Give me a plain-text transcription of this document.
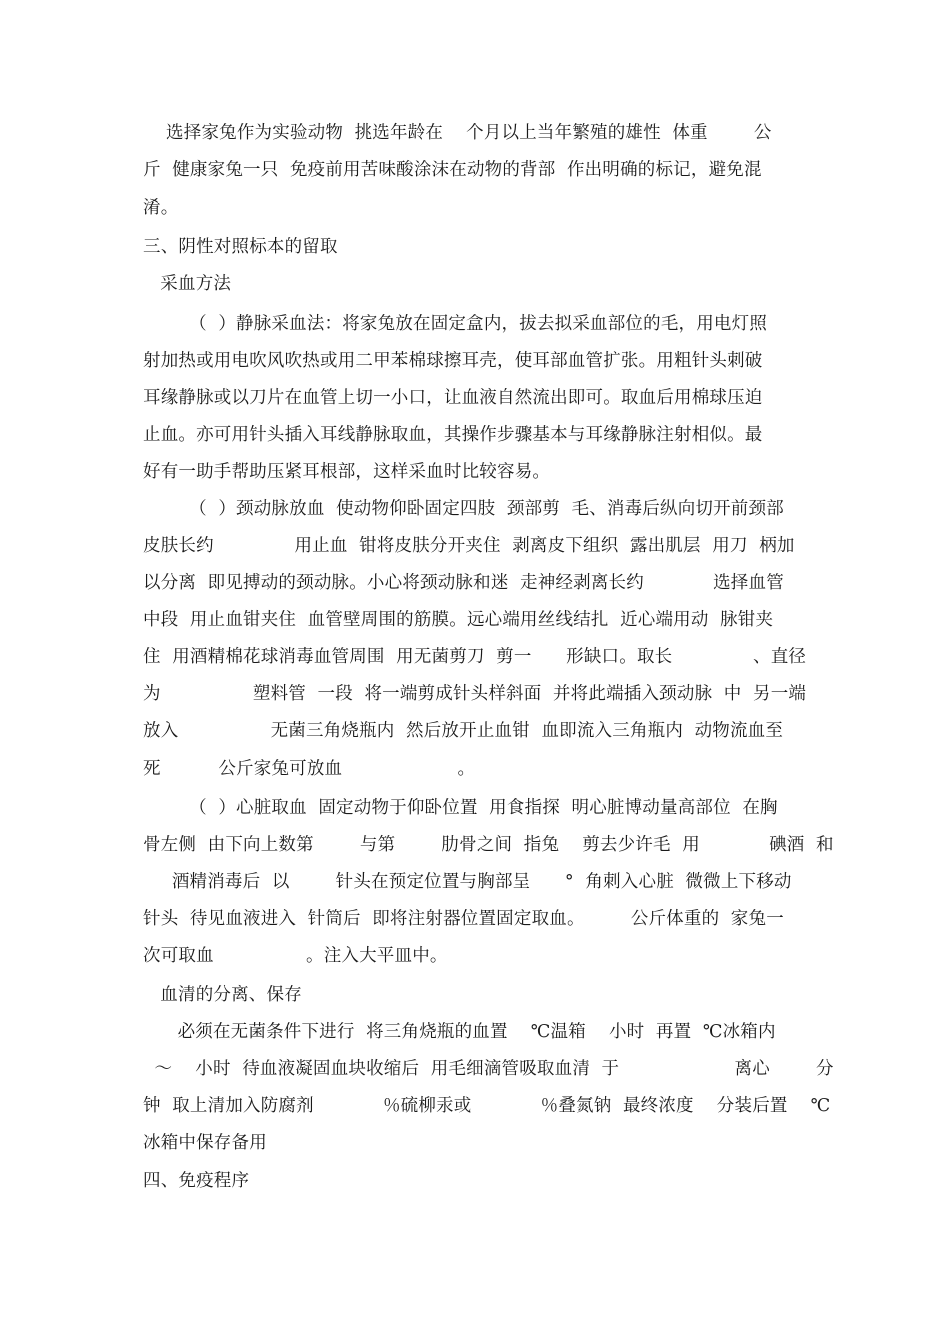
选择家兔作为实验动物  挑选年龄在    个月以上当年繁殖的雄性  体重        公
斤  健康家兔一只  免疫前用苦味酸涂沫在动物的背部  作出明确的标记，避免混
淆。
三、阴性对照标本的留取
采血方法
（  ）静脉采血法：将家兔放在固定盒内，拔去拟采血部位的毛，用电灯照
射加热或用电吹风吹热或用二甲苯棉球擦耳壳，使耳部血管扩张。用粗针头刺破
耳缘静脉或以刀片在血管上切一小口，让血液自然流出即可。取血后用棉球压迫
止血。亦可用针头插入耳线静脉取血，其操作步骤基本与耳缘静脉注射相似。最
好有一助手帮助压紧耳根部，这样采血时比较容易。
（  ）颈动脉放血  使动物仰卧固定四肢  颈部剪  毛、消毒后纵向切开前颈部
皮肤长约              用止血  钳将皮肤分开夹住  剥离皮下组织  露出肌层  用刀  柄加
以分离  即见搏动的颈动脉。小心将颈动脉和迷  走神经剥离长约            选择血管
中段  用止血钳夹住  血管壁周围的筋膜。远心端用丝线结扎  近心端用动  脉钳夹
住  用酒精棉花球消毒血管周围  用无菌剪刀  剪一      形缺口。取长              、直径
为                塑料管  一段  将一端剪成针头样斜面  并将此端插入颈动脉  中  另一端
放入                无菌三角烧瓶内  然后放开止血钳  血即流入三角瓶内  动物流血至
死          公斤家兔可放血                    。
（  ）心脏取血  固定动物于仰卧位置  用食指探  明心脏博动量高部位  在胸
骨左侧  由下向上数第        与第        肋骨之间  指兔    剪去少许毛  用            碘酒  和
酒精消毒后  以        针头在预定位置与胸部呈      °  角刺入心脏  微微上下移动
针头  待见血液进入  针筒后  即将注射器位置固定取血。        公斤体重的  家兔一
次可取血                。注入大平皿中。
血清的分离、保存
必须在无菌条件下进行  将三角烧瓶的血置    ℃温箱    小时  再置  ℃冰箱内
～    小时  待血液凝固血块收缩后  用毛细滴管吸取血清  于                    离心        分
钟  取上清加入防腐剂            ％硫柳汞或            ％叠氮钠  最终浓度    分装后置    ℃
冰箱中保存备用
四、免疫程序
